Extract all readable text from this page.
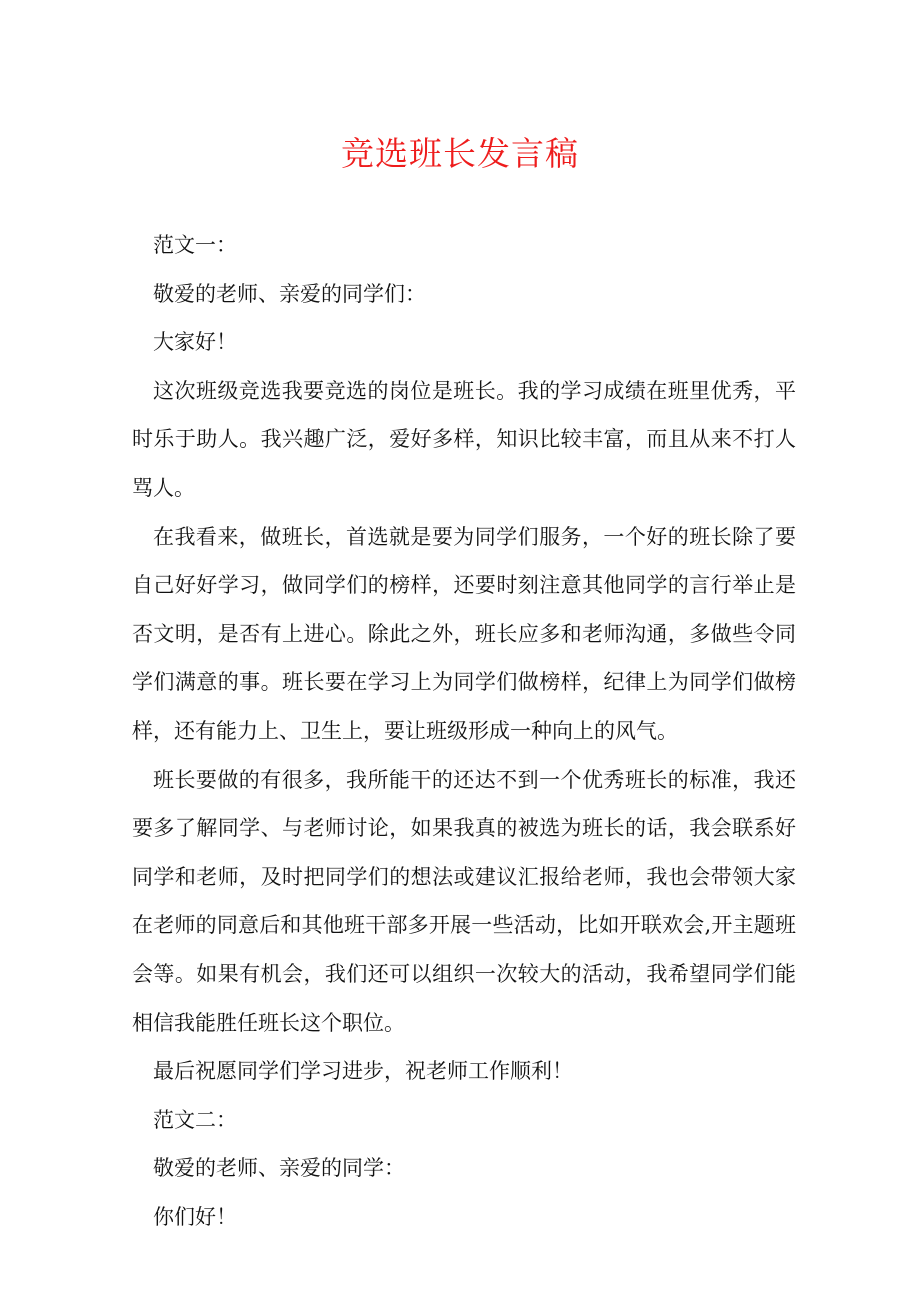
竞选班长发言稿

范文一：

敬爱的老师、亲爱的同学们：

大家好！

这次班级竞选我要竞选的岗位是班长。我的学习成绩在班里优秀，平时乐于助人。我兴趣广泛，爱好多样，知识比较丰富，而且从来不打人骂人。

在我看来，做班长，首选就是要为同学们服务，一个好的班长除了要自己好好学习，做同学们的榜样，还要时刻注意其他同学的言行举止是否文明，是否有上进心。除此之外，班长应多和老师沟通，多做些令同学们满意的事。班长要在学习上为同学们做榜样，纪律上为同学们做榜样，还有能力上、卫生上，要让班级形成一种向上的风气。

班长要做的有很多，我所能干的还达不到一个优秀班长的标准，我还要多了解同学、与老师讨论，如果我真的被选为班长的话，我会联系好同学和老师，及时把同学们的想法或建议汇报给老师，我也会带领大家在老师的同意后和其他班干部多开展一些活动，比如开联欢会,开主题班会等。如果有机会，我们还可以组织一次较大的活动，我希望同学们能相信我能胜任班长这个职位。

最后祝愿同学们学习进步，祝老师工作顺利！

范文二：

敬爱的老师、亲爱的同学：

你们好！
